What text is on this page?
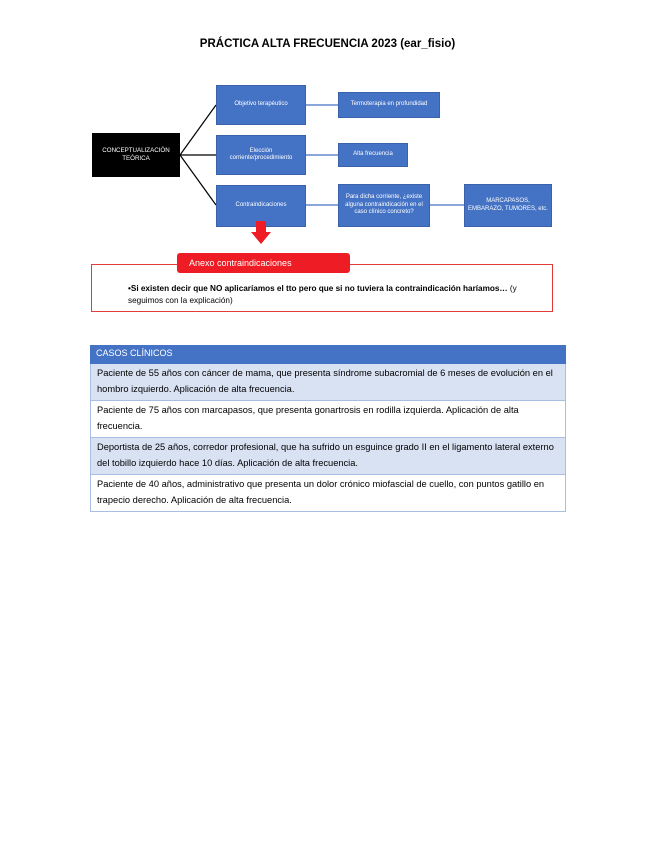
PRÁCTICA ALTA FRECUENCIA 2023 (ear_fisio)
CONCEPTUALIZACIÓN TEÓRICA
Objetivo terapéutico	Termoterapia en profundidad
Elección corriente/procedimiento
Alta frecuencia
Contraindicaciones
Para dicha corriente, ¿existe alguna contraindicación en el caso clínico concreto?
MARCAPASOS, EMBARAZO, TUMORES, etc.
Anexo contraindicaciones
•Si existen decir que NO aplicaríamos el tto pero que si no tuviera la contraindicación haríamos… (y seguimos con la explicación)
CASOS CLÍNICOS
Paciente de 55 años con cáncer de mama, que presenta síndrome subacromial de 6 meses de evolución en el hombro izquierdo. Aplicación de alta frecuencia.
Paciente de 75 años con marcapasos, que presenta gonartrosis en rodilla izquierda. Aplicación de alta frecuencia.
Deportista de 25 años, corredor profesional, que ha sufrido un esguince grado II en el ligamento lateral externo del tobillo izquierdo hace 10 días. Aplicación de alta frecuencia.
Paciente de 40 años, administrativo que presenta un dolor crónico miofascial de cuello, con puntos gatillo en trapecio derecho. Aplicación de alta frecuencia.
